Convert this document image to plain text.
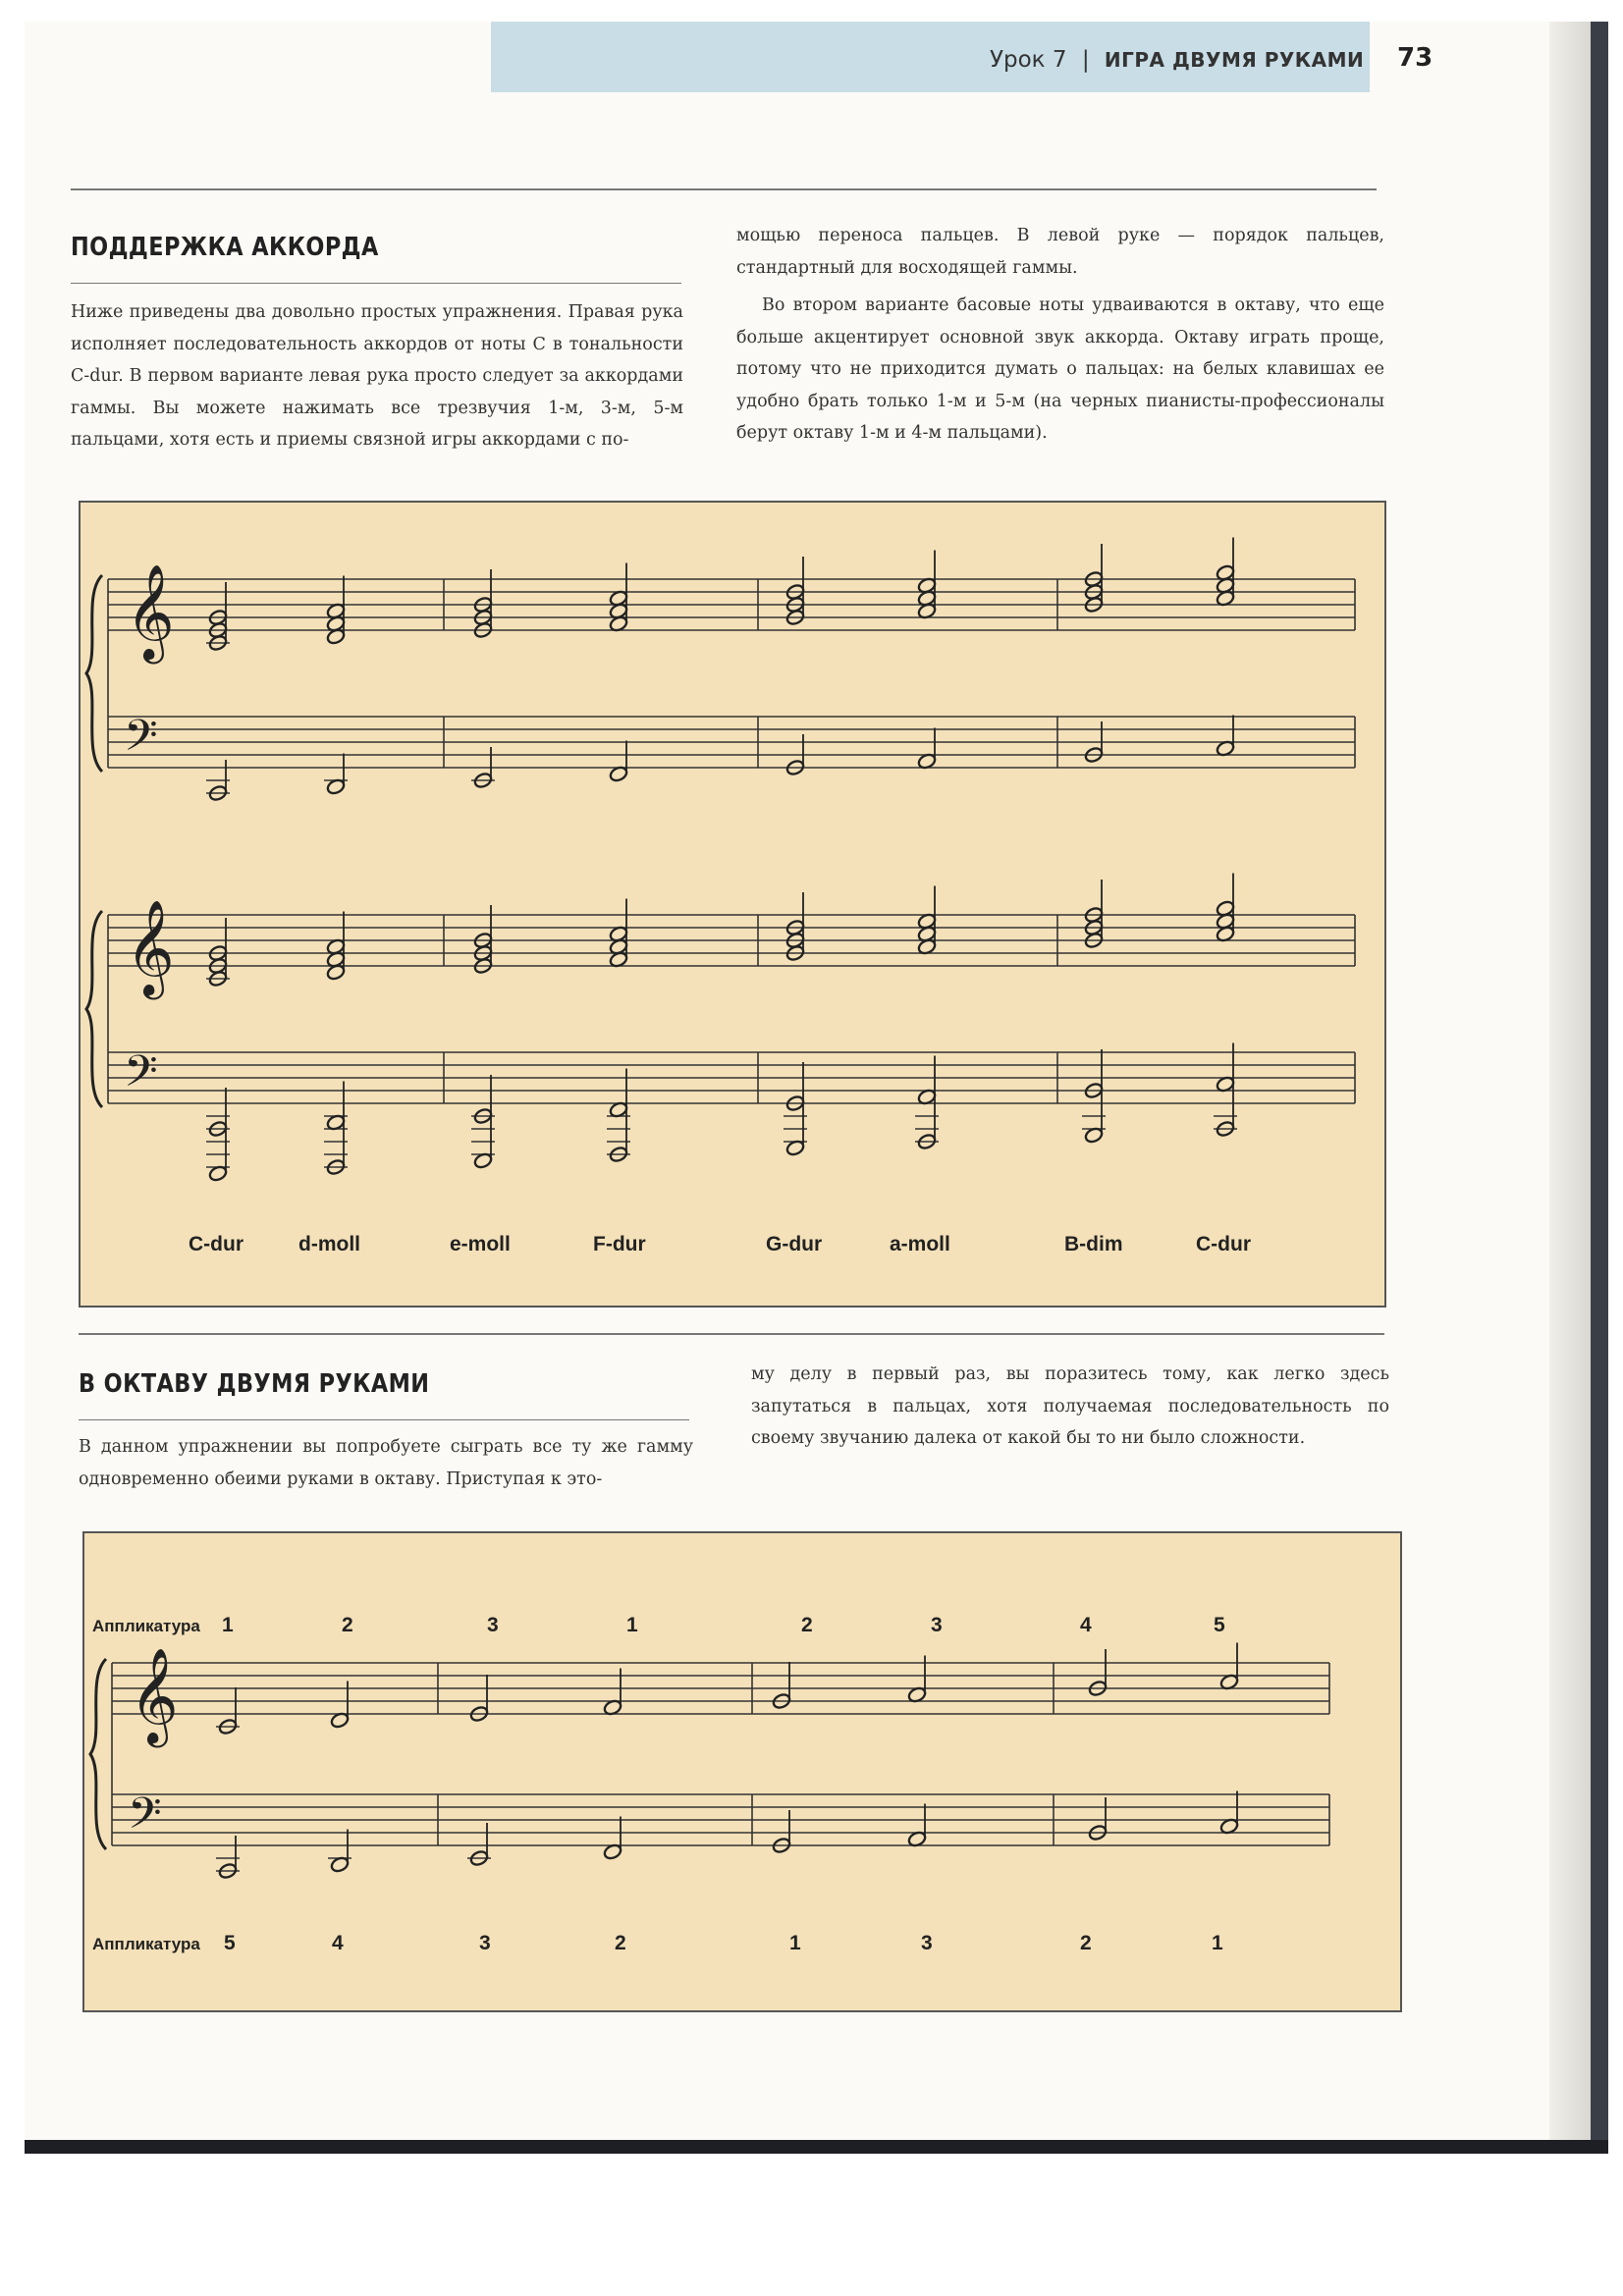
Урок 7 | ИГРА ДВУМЯ РУКАМИ 73
ПОДДЕРЖКА АККОРДА

Ниже приведены два довольно простых упражнения. Правая рука исполняет последовательность аккордов от ноты C в тональности C-dur. В первом варианте левая рука просто следует за аккордами гаммы. Вы можете нажимать все трезвучия 1-м, 3-м, 5-м пальцами, хотя есть и приемы связной игры аккордами с по-

мощью переноса пальцев. В левой руке — порядок пальцев, стандартный для восходящей гаммы.

Во втором варианте басовые ноты удваиваются в октаву, что еще больше акцентирует основной звук аккорда. Октаву играть проще, потому что не приходится думать о пальцах: на белых клавишах ее удобно брать только 1-м и 5-м (на черных пианисты-профессионалы берут октаву 1-м и 4-м пальцами).

𝄞
𝄢
𝄞
𝄢
C-dur	d-moll	e-moll	F-dur	G-dur	a-moll	B-dim	C-dur
В ОКТАВУ ДВУМЯ РУКАМИ

В данном упражнении вы попробуете сыграть все ту же гамму одновременно обеими руками в октаву. Приступая к это-

му делу в первый раз, вы поразитесь тому, как легко здесь запутаться в пальцах, хотя получаемая последовательность по своему звучанию далека от какой бы то ни было сложности.

𝄞
𝄢
Аппликатура
Аппликатура
1	2	3	1	2	3	4	5
5	4	3	2	1	3	2	1
